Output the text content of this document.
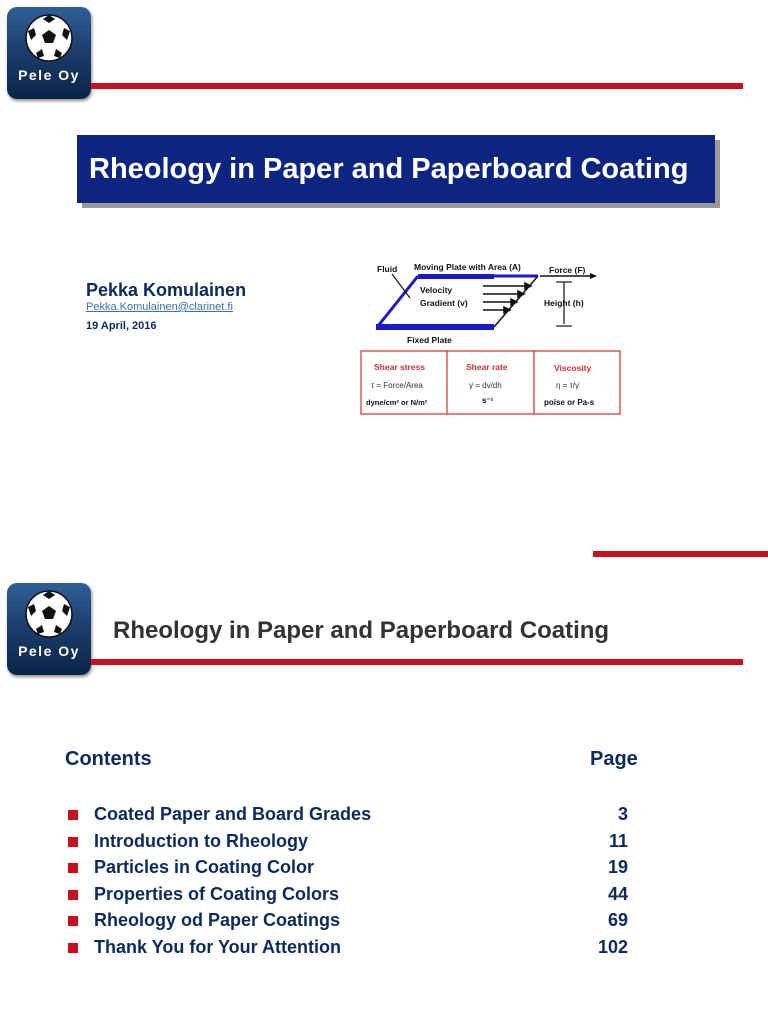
Pele Oy
Rheology in Paper and Paperboard Coating
Pekka Komulainen
Pekka.Komulainen@clarinet.fi
19 April, 2016
Fluid Moving Plate with Area (A)	Force (F)
Velocity
Gradient (v)	Height (h)
Fixed Plate
Shear stress	Shear rate	Viscosity
τ = Force/Area	γ̇ = dv/dh	η = τ/γ̇
dyne/cm² or N/m²	s⁻¹	poise or Pa-s
Pele Oy
Rheology in Paper and Paperboard Coating
Contents	Page
Coated Paper and Board Grades	3
Introduction to Rheology	11
Particles in Coating Color	19
Properties of Coating Colors	44
Rheology od Paper Coatings	69
Thank You for Your Attention	102
